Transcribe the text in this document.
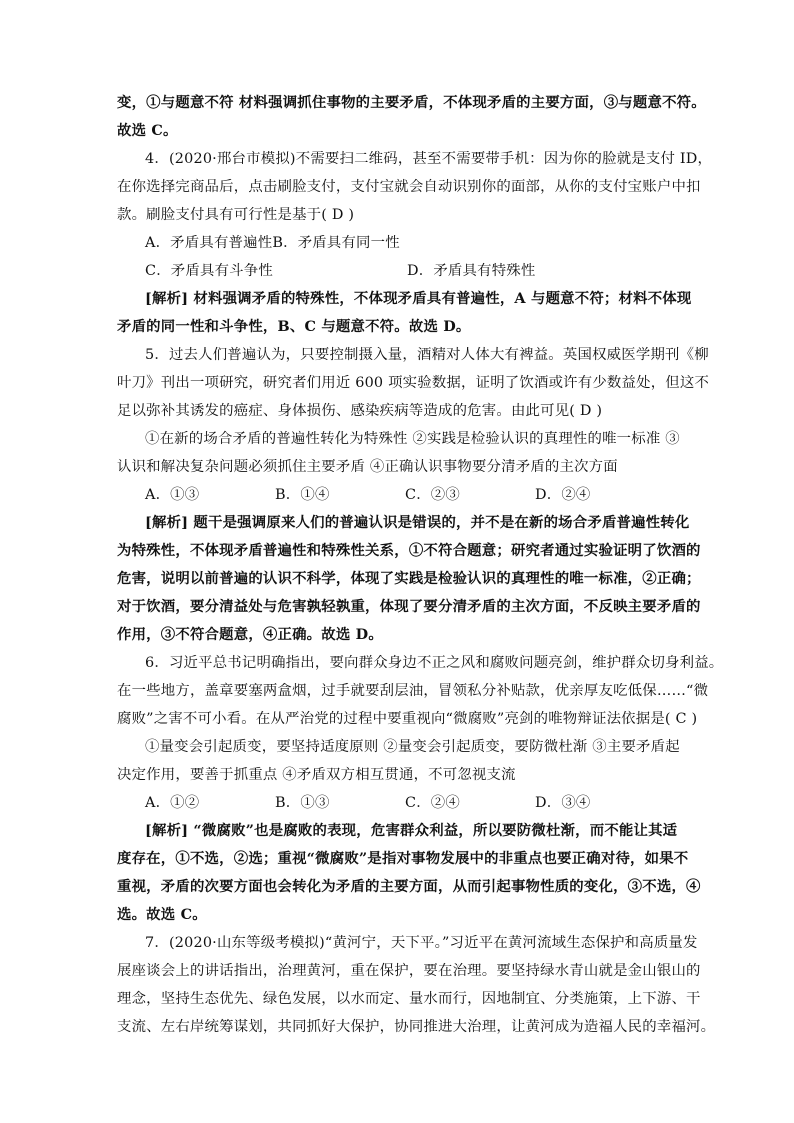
变，①与题意不符 材料强调抓住事物的主要矛盾，不体现矛盾的主要方面，③与题意不符。
故选 C。
4．(2020·邢台市模拟)不需要扫二维码，甚至不需要带手机：因为你的脸就是支付 ID，
在你选择完商品后，点击刷脸支付，支付宝就会自动识别你的面部，从你的支付宝账户中扣
款。刷脸支付具有可行性是基于( D )
A．矛盾具有普遍性 B．矛盾具有同一性
C．矛盾具有斗争性	D．矛盾具有特殊性
[解析] 材料强调矛盾的特殊性，不体现矛盾具有普遍性，A 与题意不符；材料不体现
矛盾的同一性和斗争性，B、C 与题意不符。故选 D。
5．过去人们普遍认为，只要控制摄入量，酒精对人体大有裨益。英国权威医学期刊《柳
叶刀》刊出一项研究，研究者们用近 600 项实验数据，证明了饮酒或许有少数益处，但这不
足以弥补其诱发的癌症、身体损伤、感染疾病等造成的危害。由此可见( D )
①在新的场合矛盾的普遍性转化为特殊性 ②实践是检验认识的真理性的唯一标准 ③
认识和解决复杂问题必须抓住主要矛盾 ④正确认识事物要分清矛盾的主次方面
A．①③	B．①④	C．②③	D．②④
[解析] 题干是强调原来人们的普遍认识是错误的，并不是在新的场合矛盾普遍性转化
为特殊性，不体现矛盾普遍性和特殊性关系，①不符合题意；研究者通过实验证明了饮酒的
危害，说明以前普遍的认识不科学，体现了实践是检验认识的真理性的唯一标准，②正确；
对于饮酒，要分清益处与危害孰轻孰重，体现了要分清矛盾的主次方面，不反映主要矛盾的
作用，③不符合题意，④正确。故选 D。
6．习近平总书记明确指出，要向群众身边不正之风和腐败问题亮剑，维护群众切身利益。
在一些地方，盖章要塞两盒烟，过手就要刮层油，冒领私分补贴款，优亲厚友吃低保……“微
腐败”之害不可小看。在从严治党的过程中要重视向“微腐败”亮剑的唯物辩证法依据是( C )
①量变会引起质变，要坚持适度原则 ②量变会引起质变，要防微杜渐 ③主要矛盾起
决定作用，要善于抓重点 ④矛盾双方相互贯通，不可忽视支流
A．①②	B．①③	C．②④	D．③④
[解析] “微腐败”也是腐败的表现，危害群众利益，所以要防微杜渐，而不能让其适
度存在，①不选，②选；重视“微腐败”是指对事物发展中的非重点也要正确对待，如果不
重视，矛盾的次要方面也会转化为矛盾的主要方面，从而引起事物性质的变化，③不选，④
选。故选 C。
7．(2020·山东等级考模拟)“黄河宁，天下平。”习近平在黄河流域生态保护和高质量发
展座谈会上的讲话指出，治理黄河，重在保护，要在治理。要坚持绿水青山就是金山银山的
理念，坚持生态优先、绿色发展，以水而定、量水而行，因地制宜、分类施策，上下游、干
支流、左右岸统筹谋划，共同抓好大保护，协同推进大治理，让黄河成为造福人民的幸福河。
